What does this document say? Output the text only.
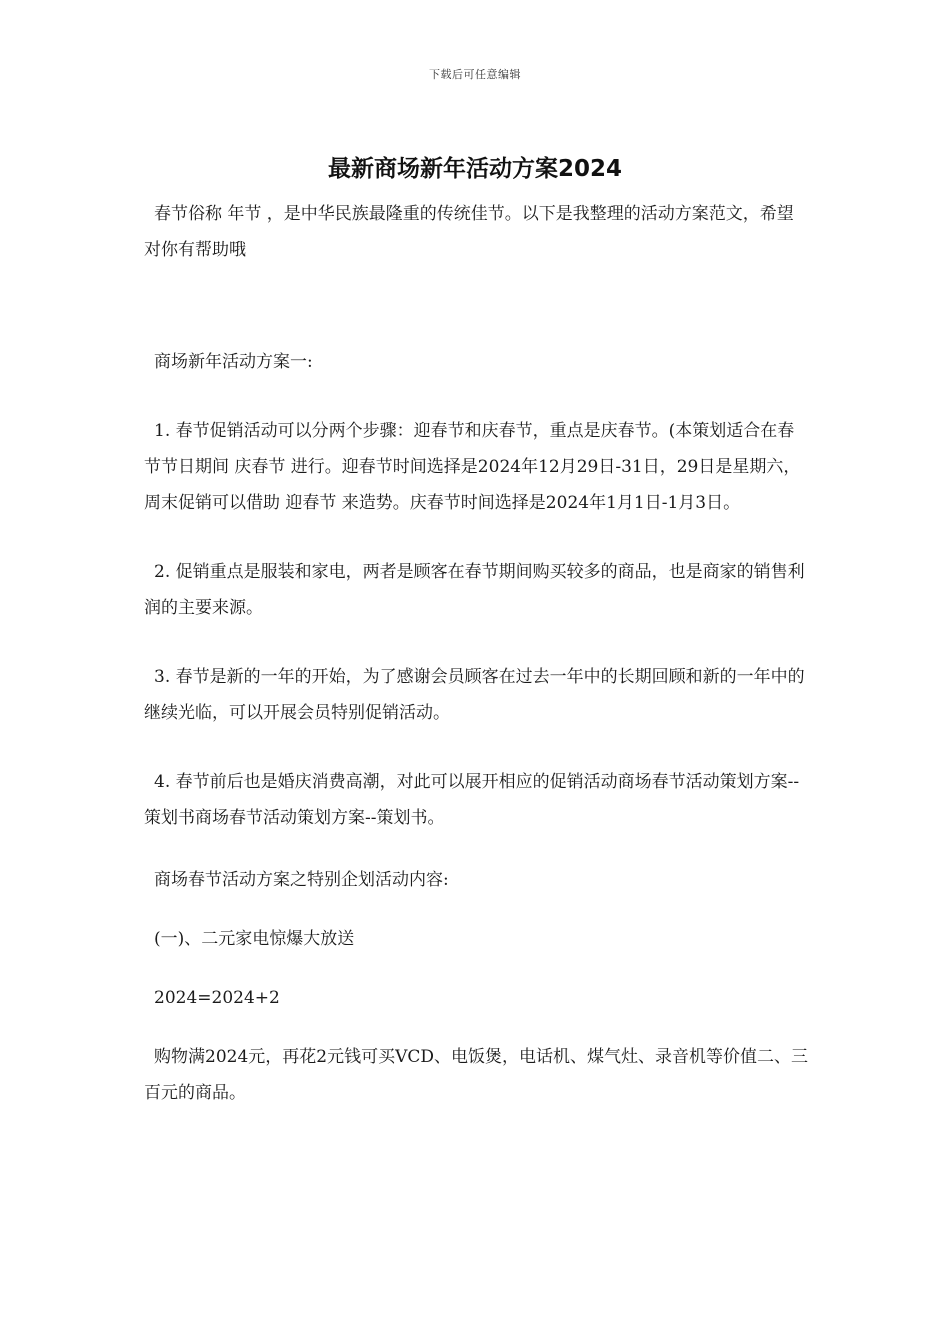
下载后可任意编辑
最新商场新年活动方案2024

春节俗称 年节 ，是中华民族最隆重的传统佳节。以下是我整理的活动方案范文，希望对你有帮助哦

商场新年活动方案一:

1. 春节促销活动可以分两个步骤：迎春节和庆春节，重点是庆春节。(本策划适合在春节节日期间 庆春节 进行。迎春节时间选择是2024年12月29日-31日，29日是星期六，周末促销可以借助 迎春节 来造势。庆春节时间选择是2024年1月1日-1月3日。

2. 促销重点是服装和家电，两者是顾客在春节期间购买较多的商品，也是商家的销售利润的主要来源。

3. 春节是新的一年的开始，为了感谢会员顾客在过去一年中的长期回顾和新的一年中的继续光临，可以开展会员特别促销活动。

4. 春节前后也是婚庆消费高潮，对此可以展开相应的促销活动商场春节活动策划方案--策划书商场春节活动策划方案--策划书。

商场春节活动方案之特别企划活动内容:

(一)、二元家电惊爆大放送

2024=2024+2

购物满2024元，再花2元钱可买VCD、电饭煲，电话机、煤气灶、录音机等价值二、三百元的商品。
